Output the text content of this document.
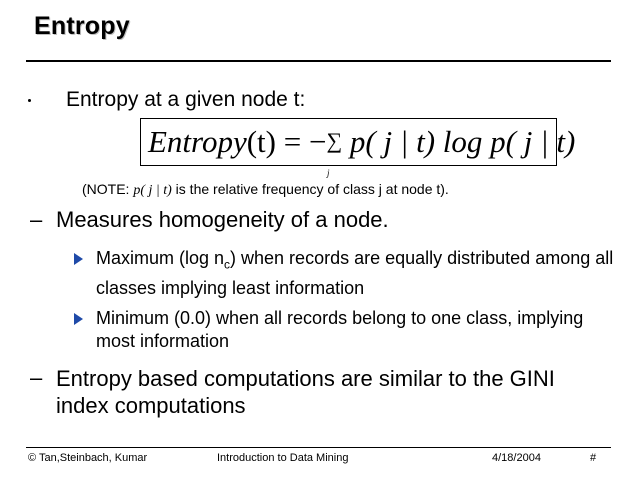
Entropy
Entropy at a given node t:
Entropy(t) = −∑
j
p( j | t) log p( j | t)
(NOTE: p( j | t) is the relative frequency of class j at node t).
– Measures homogeneity of a node.
Maximum (log $n_c$) when records are equally distributed among all classes implying least information
Minimum (0.0) when all records belong to one class, implying most information
– Entropy based computations are similar to the GINI index computations
© Tan,Steinbach, Kumar	Introduction to Data Mining	4/18/2004	#
